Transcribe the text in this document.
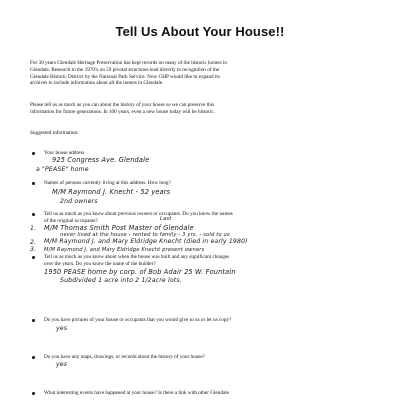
Tell Us About Your House!!
For 30 years Glendale Heritage Preservation has kept records on many of the historic homes in
Glendale. Research in the 1970’s on 59 pivotal structures lead directly to recognition of the
Glendale Historic District by the National Park Service. Now GHP would like to expand its
archives to include information about all the homes in Glendale.
Please tell us as much as you can about the history of your house so we can preserve this
information for future generations. In 100 years, even a new house today will be historic.
Suggested information:
Your house address
925 Congress Ave. Glendale
a "PEASE" home
Names of persons currently living at this address. How long?
M/M Raymond J. Knecht - 52 years
2nd owners
Tell us as much as you know about previous owners or occupants. Do you know the names
of the original occupants?	Last
1. M/M Thomas Smith Post Master of Glendale
never lived at the house - rented to family - 3 yrs. - sold to us
2. M/M Raymond J. and Mary Eldridge Knecht (died in early 1980)
3. M/M Raymond J. and Mary Eldridge Knecht present owners
Tell us as much as you know about when the house was built and any significant changes
over the years. Do you know the name of the builder?
1950 PEASE home by corp. of Bob Adair 25 W. Fountain
Subdivided 1 acre into 2 1/2acre lots.
Do you have pictures of your house or occupants that you would give to us or let us copy?
yes
Do you have any maps, drawings, or records about the history of your house?
yes
What interesting events have happened at your house? Is there a link with other Glendale
